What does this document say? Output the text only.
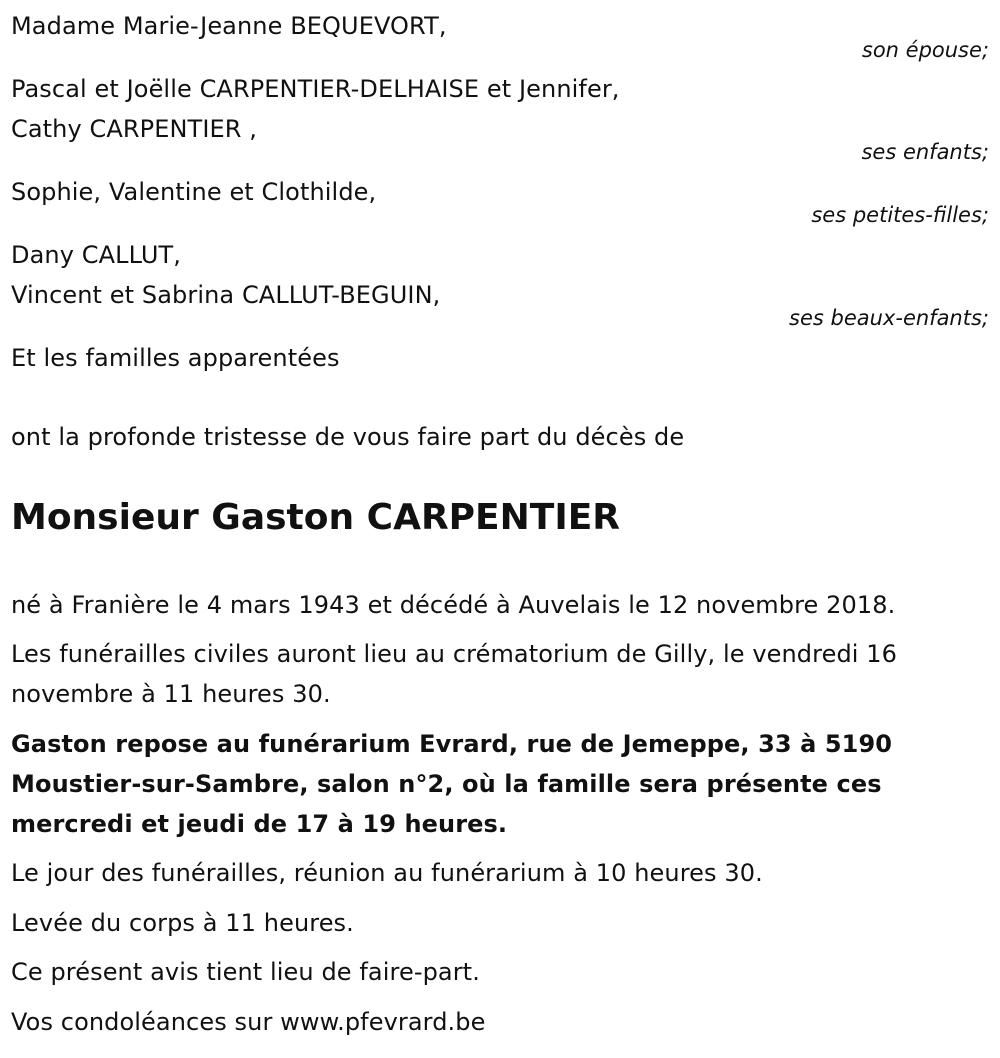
Madame Marie-Jeanne BEQUEVORT,
son épouse;
Pascal et Joëlle CARPENTIER-DELHAISE et Jennifer,
Cathy CARPENTIER ,
ses enfants;
Sophie, Valentine et Clothilde,
ses petites-filles;
Dany CALLUT,
Vincent et Sabrina CALLUT-BEGUIN,
ses beaux-enfants;
Et les familles apparentées
ont la profonde tristesse de vous faire part du décès de
Monsieur Gaston CARPENTIER
né à Franière le 4 mars 1943 et décédé à Auvelais le 12 novembre 2018.
Les funérailles civiles auront lieu au crématorium de Gilly, le vendredi 16
novembre à 11 heures 30.
Gaston repose au funérarium Evrard, rue de Jemeppe, 33 à 5190
Moustier-sur-Sambre, salon n°2, où la famille sera présente ces
mercredi et jeudi de 17 à 19 heures.
Le jour des funérailles, réunion au funérarium à 10 heures 30.
Levée du corps à 11 heures.
Ce présent avis tient lieu de faire-part.
Vos condoléances sur www.pfevrard.be
